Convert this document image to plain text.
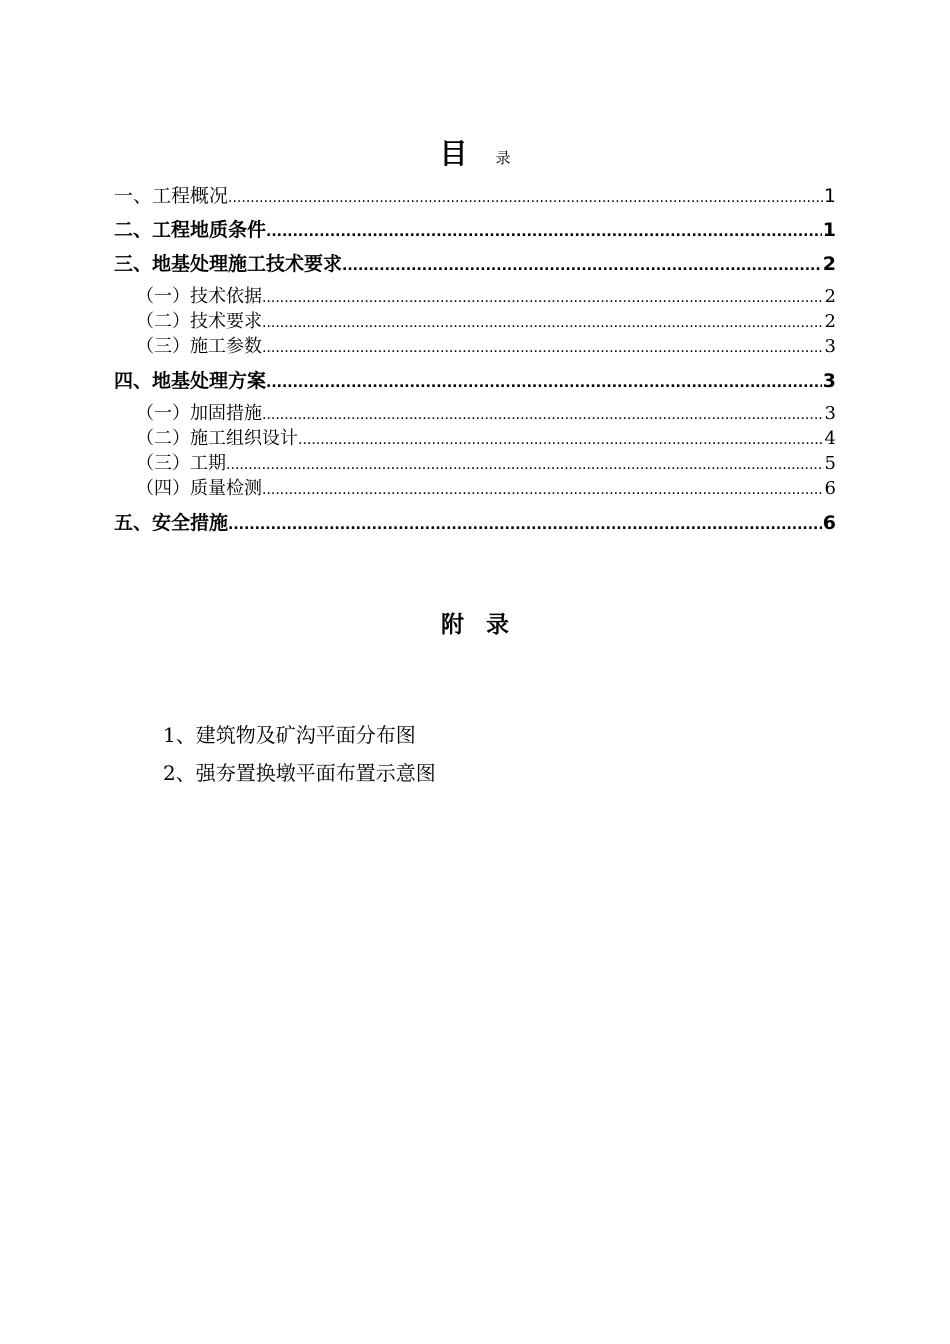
目 录
一、工程概况 .....	1
二、工程地质条件 .....	1
三、地基处理施工技术要求 .....	2
（一）技术依据 .....	2
（二）技术要求 .....	2
（三）施工参数 .....	3
四、地基处理方案 .....	3
（一）加固措施 .....	3
（二）施工组织设计 .....	4
（三）工期 .....	5
（四）质量检测 .....	6
五、安全措施 .....	6
附录
1、建筑物及矿沟平面分布图
2、强夯置换墩平面布置示意图
